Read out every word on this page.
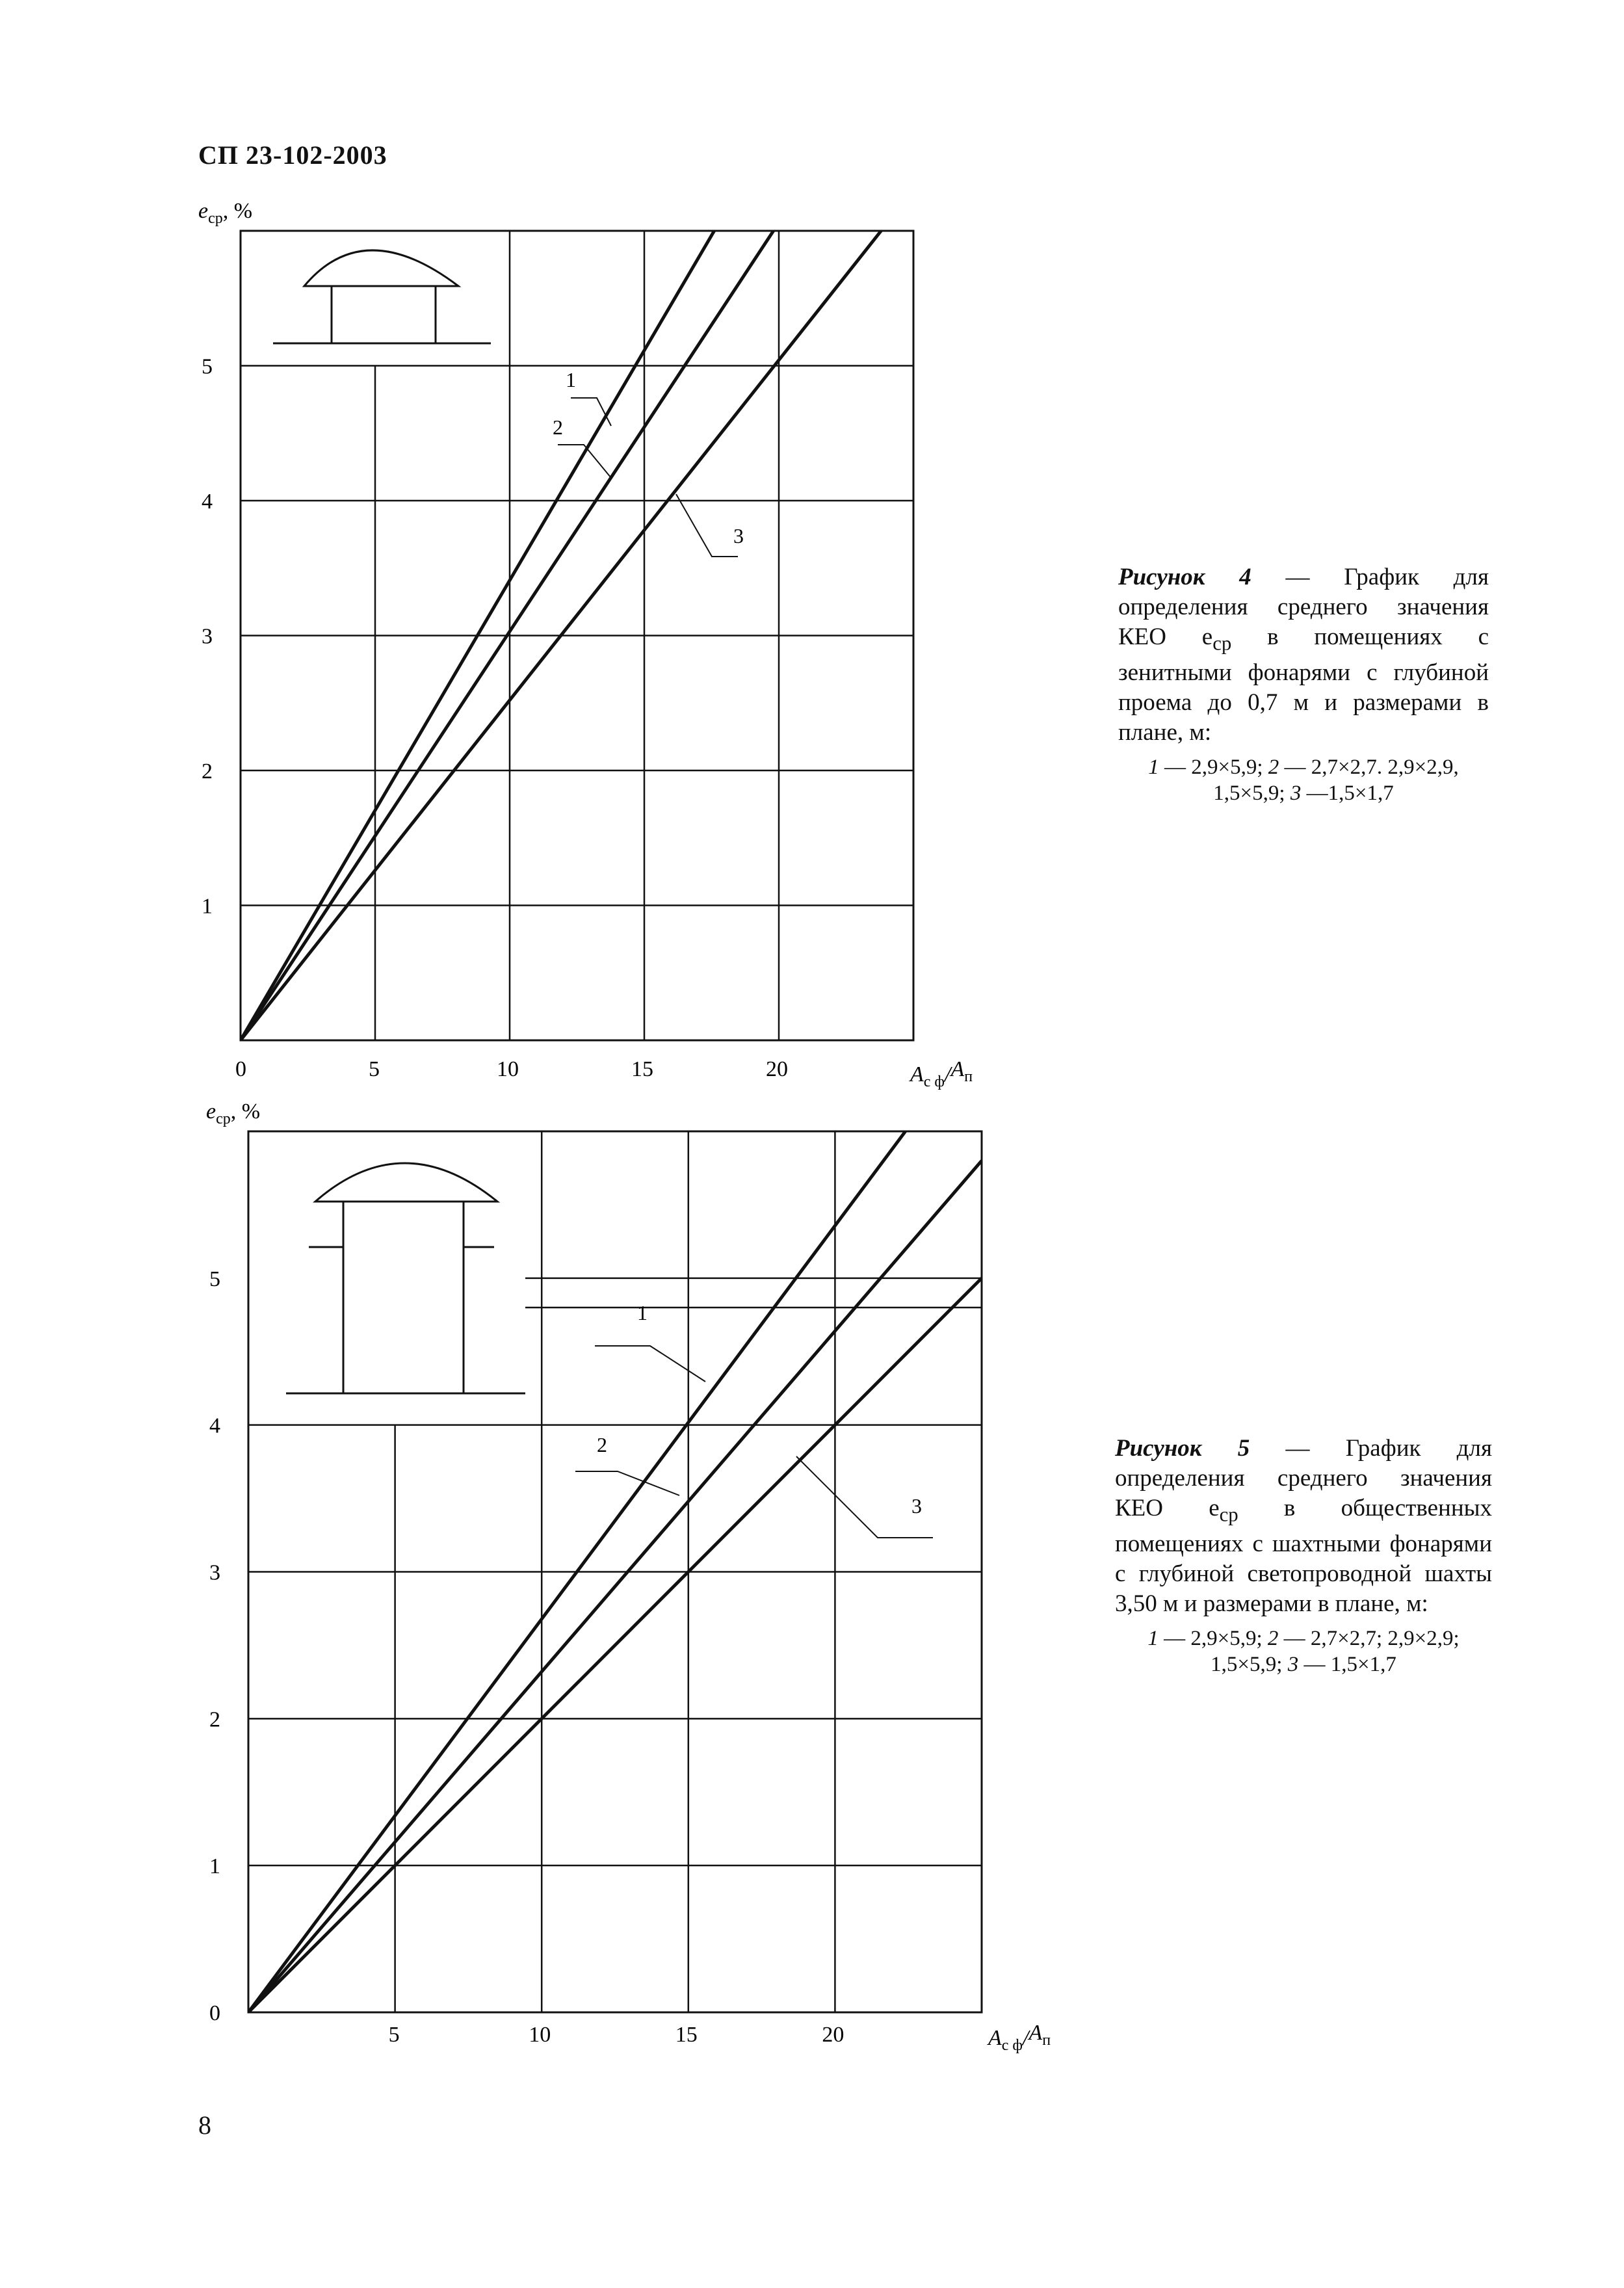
СП 23-102-2003
8
1
2
3
1
2
3
4
5
0	5	10	15	20
$e_{ср}$, %
$A_{с ф}/A_п$
1
2
3
0
1
2
3
4
5
5	10	15	20
$e_{ср}$, %
$A_{с ф}/A_п$
Рисунок 4 — График для определения среднего значения КЕО $e_{ср}$ в помещениях с зенитными фонарями с глубиной проема до 0,7 м и размерами в плане, м:
1 — 2,9×5,9; 2 — 2,7×2,7. 2,9×2,9, 1,5×5,9; 3 —1,5×1,7
Рисунок 5 — График для определения среднего значения КЕО $e_{ср}$ в общественных помещениях с шахтными фонарями с глубиной светопроводной шахты 3,50 м и размерами в плане, м:
1 — 2,9×5,9; 2 — 2,7×2,7; 2,9×2,9; 1,5×5,9; 3 — 1,5×1,7
